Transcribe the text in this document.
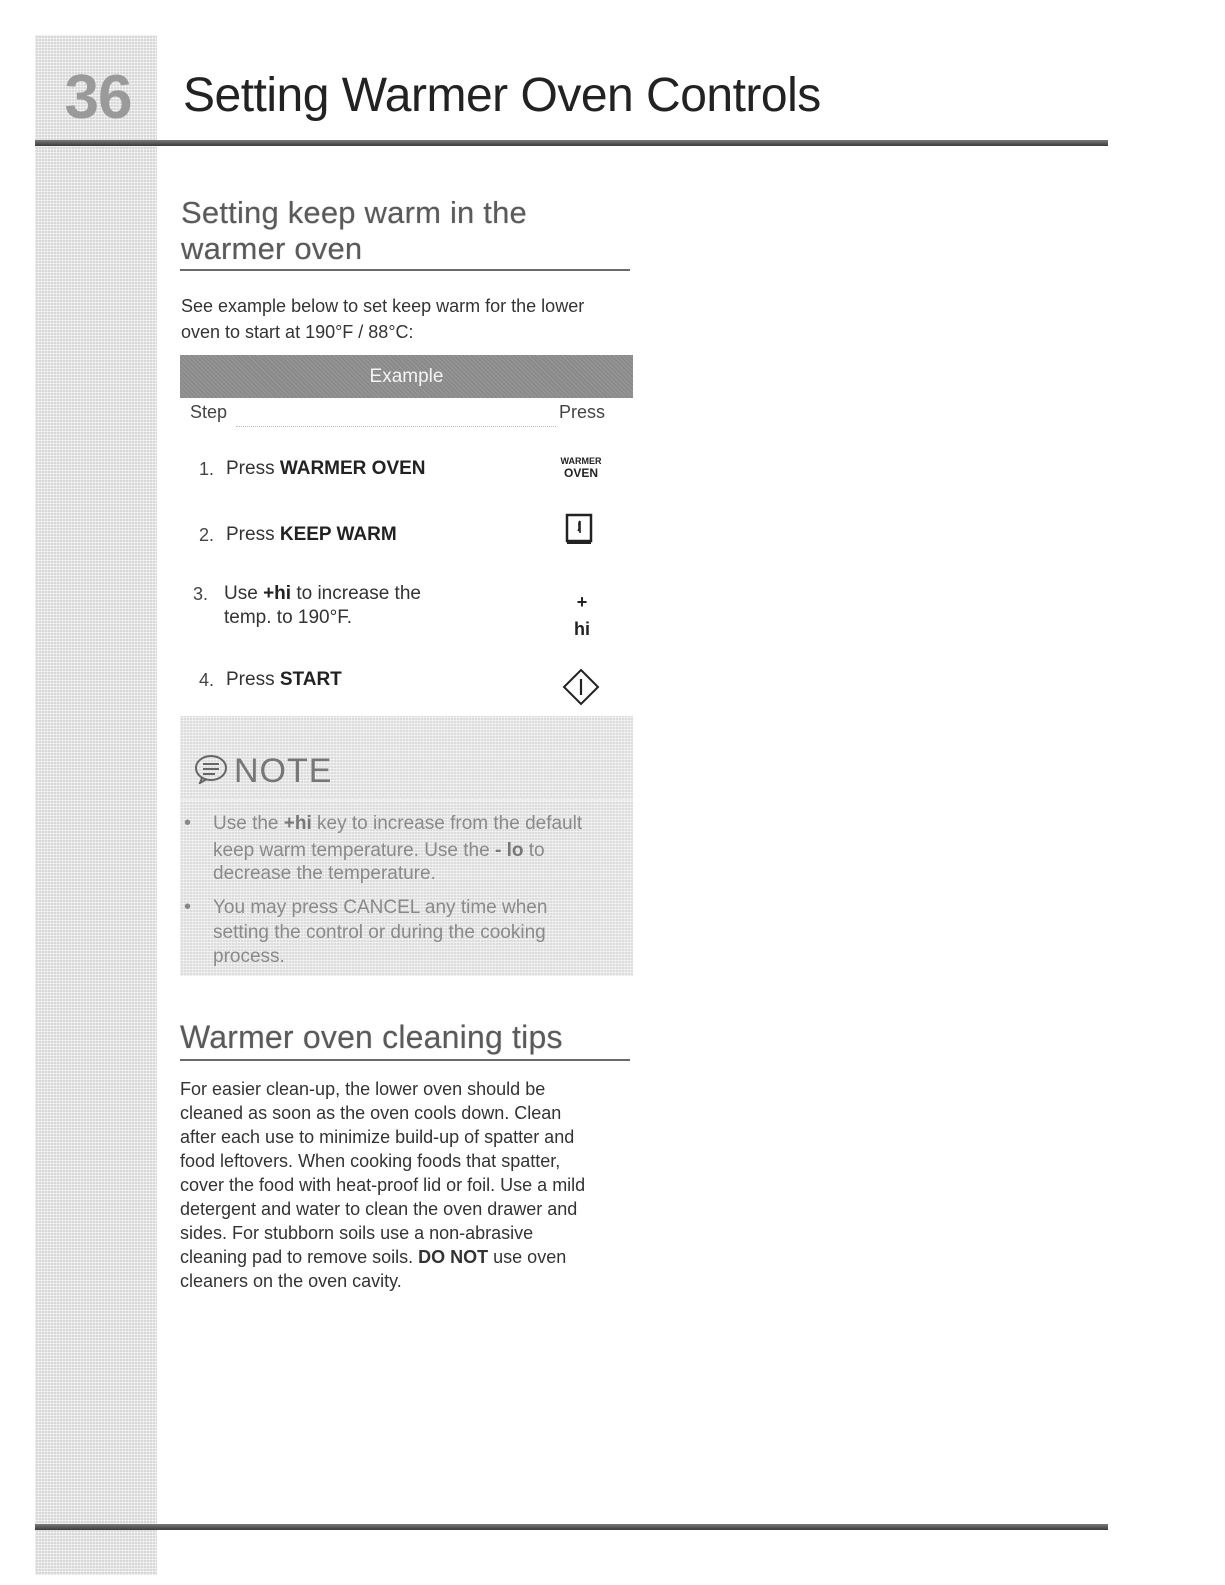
36	Setting Warmer Oven Controls
Setting keep warm in the
warmer oven

See example below to set keep warm for the lower

oven to start at 190°F / 88°C:

Example
Step	Press
1. Press WARMER OVEN
2. Press KEEP WARM
3. Use +hi to increase the
temp. to 190°F.
4. Press START
WARMER
OVEN
+
hi
NOTE
• Use the +hi key to increase from the default

keep warm temperature. Use the - lo to

decrease the temperature.

• You may press CANCEL any time when

setting the control or during the cooking

process.

Warmer oven cleaning tips

For easier clean-up, the lower oven should be

cleaned as soon as the oven cools down. Clean

after each use to minimize build-up of spatter and

food leftovers. When cooking foods that spatter,

cover the food with heat-proof lid or foil. Use a mild

detergent and water to clean the oven drawer and

sides. For stubborn soils use a non-abrasive

cleaning pad to remove soils. DO NOT use oven

cleaners on the oven cavity.
